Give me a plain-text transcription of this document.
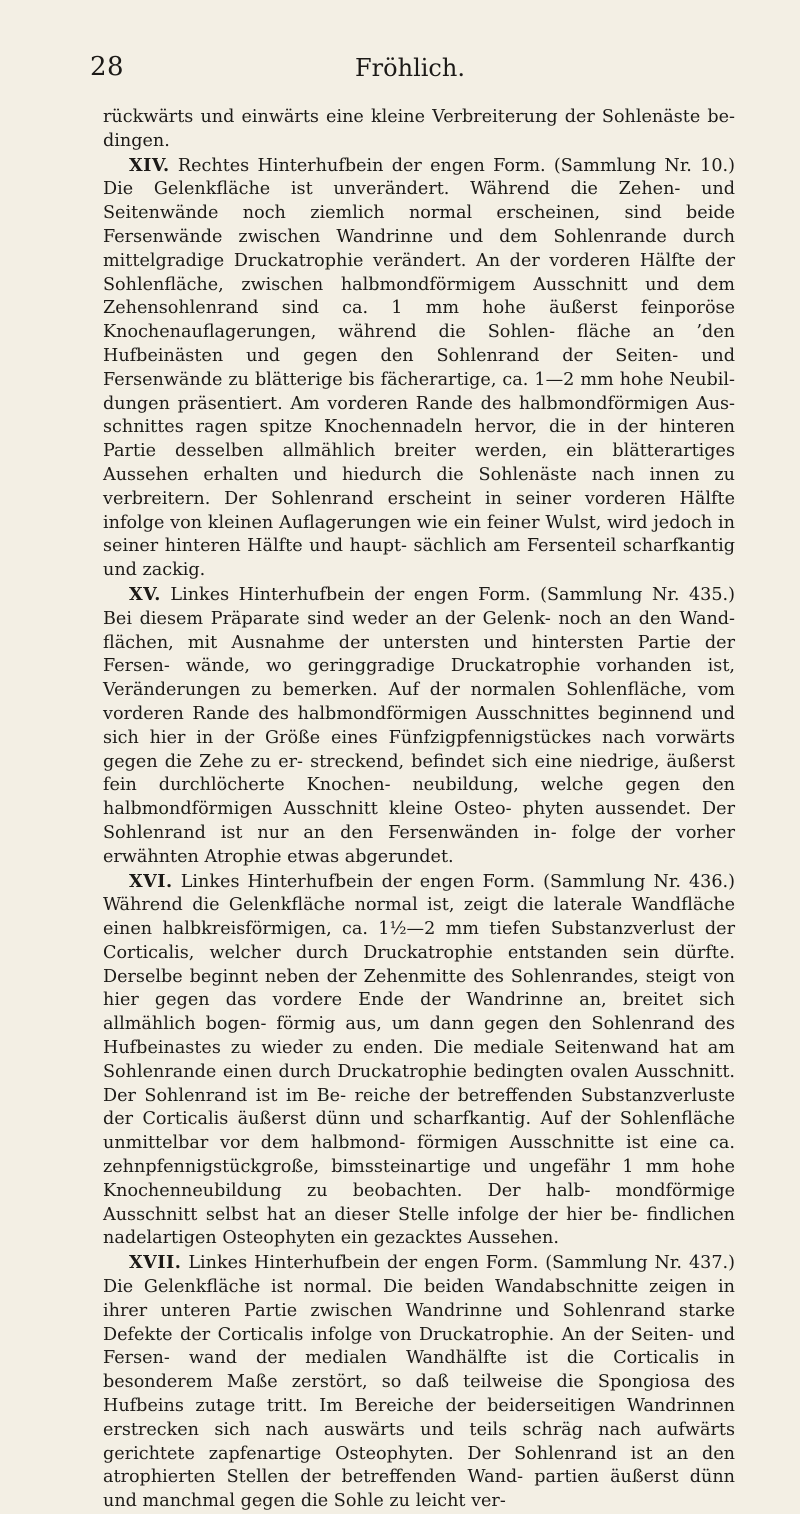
28	Fröhlich.

rückwärts und einwärts eine kleine Verbreiterung der Sohlenäste be- dingen.

XIV. Rechtes Hinterhufbein der engen Form. (Sammlung Nr. 10.) Die Gelenkfläche ist unverändert. Während die Zehen- und Seitenwände noch ziemlich normal erscheinen, sind beide Fersenwände zwischen Wandrinne und dem Sohlenrande durch mittelgradige Druckatrophie verändert. An der vorderen Hälfte der Sohlenfläche, zwischen halbmondförmigem Ausschnitt und dem Zehensohlenrand sind ca. 1 mm hohe äußerst feinporöse Knochenauflagerungen, während die Sohlen- fläche an ’den Hufbeinästen und gegen den Sohlenrand der Seiten- und Fersenwände zu blätterige bis fächerartige, ca. 1—2 mm hohe Neubil- dungen präsentiert. Am vorderen Rande des halbmondförmigen Aus- schnittes ragen spitze Knochennadeln hervor, die in der hinteren Partie desselben allmählich breiter werden, ein blätterartiges Aussehen erhalten und hiedurch die Sohlenäste nach innen zu verbreitern. Der Sohlenrand erscheint in seiner vorderen Hälfte infolge von kleinen Auflagerungen wie ein feiner Wulst, wird jedoch in seiner hinteren Hälfte und haupt- sächlich am Fersenteil scharfkantig und zackig.

XV. Linkes Hinterhufbein der engen Form. (Sammlung Nr. 435.) Bei diesem Präparate sind weder an der Gelenk- noch an den Wand- flächen, mit Ausnahme der untersten und hintersten Partie der Fersen- wände, wo geringgradige Druckatrophie vorhanden ist, Veränderungen zu bemerken. Auf der normalen Sohlenfläche, vom vorderen Rande des halbmondförmigen Ausschnittes beginnend und sich hier in der Größe eines Fünfzigpfennigstückes nach vorwärts gegen die Zehe zu er- streckend, befindet sich eine niedrige, äußerst fein durchlöcherte Knochen- neubildung, welche gegen den halbmondförmigen Ausschnitt kleine Osteo- phyten aussendet. Der Sohlenrand ist nur an den Fersenwänden in- folge der vorher erwähnten Atrophie etwas abgerundet.

XVI. Linkes Hinterhufbein der engen Form. (Sammlung Nr. 436.) Während die Gelenkfläche normal ist, zeigt die laterale Wandfläche einen halbkreisförmigen, ca. 1½—2 mm tiefen Substanzverlust der Corticalis, welcher durch Druckatrophie entstanden sein dürfte. Derselbe beginnt neben der Zehenmitte des Sohlenrandes, steigt von hier gegen das vordere Ende der Wandrinne an, breitet sich allmählich bogen- förmig aus, um dann gegen den Sohlenrand des Hufbeinastes zu wieder zu enden. Die mediale Seitenwand hat am Sohlenrande einen durch Druckatrophie bedingten ovalen Ausschnitt. Der Sohlenrand ist im Be- reiche der betreffenden Substanzverluste der Corticalis äußerst dünn und scharfkantig. Auf der Sohlenfläche unmittelbar vor dem halbmond- förmigen Ausschnitte ist eine ca. zehnpfennigstückgroße, bimssteinartige und ungefähr 1 mm hohe Knochenneubildung zu beobachten. Der halb- mondförmige Ausschnitt selbst hat an dieser Stelle infolge der hier be- findlichen nadelartigen Osteophyten ein gezacktes Aussehen.

XVII. Linkes Hinterhufbein der engen Form. (Sammlung Nr. 437.) Die Gelenkfläche ist normal. Die beiden Wandabschnitte zeigen in ihrer unteren Partie zwischen Wandrinne und Sohlenrand starke Defekte der Corticalis infolge von Druckatrophie. An der Seiten- und Fersen- wand der medialen Wandhälfte ist die Corticalis in besonderem Maße zerstört, so daß teilweise die Spongiosa des Hufbeins zutage tritt. Im Bereiche der beiderseitigen Wandrinnen erstrecken sich nach auswärts und teils schräg nach aufwärts gerichtete zapfenartige Osteophyten. Der Sohlenrand ist an den atrophierten Stellen der betreffenden Wand- partien äußerst dünn und manchmal gegen die Sohle zu leicht ver-
